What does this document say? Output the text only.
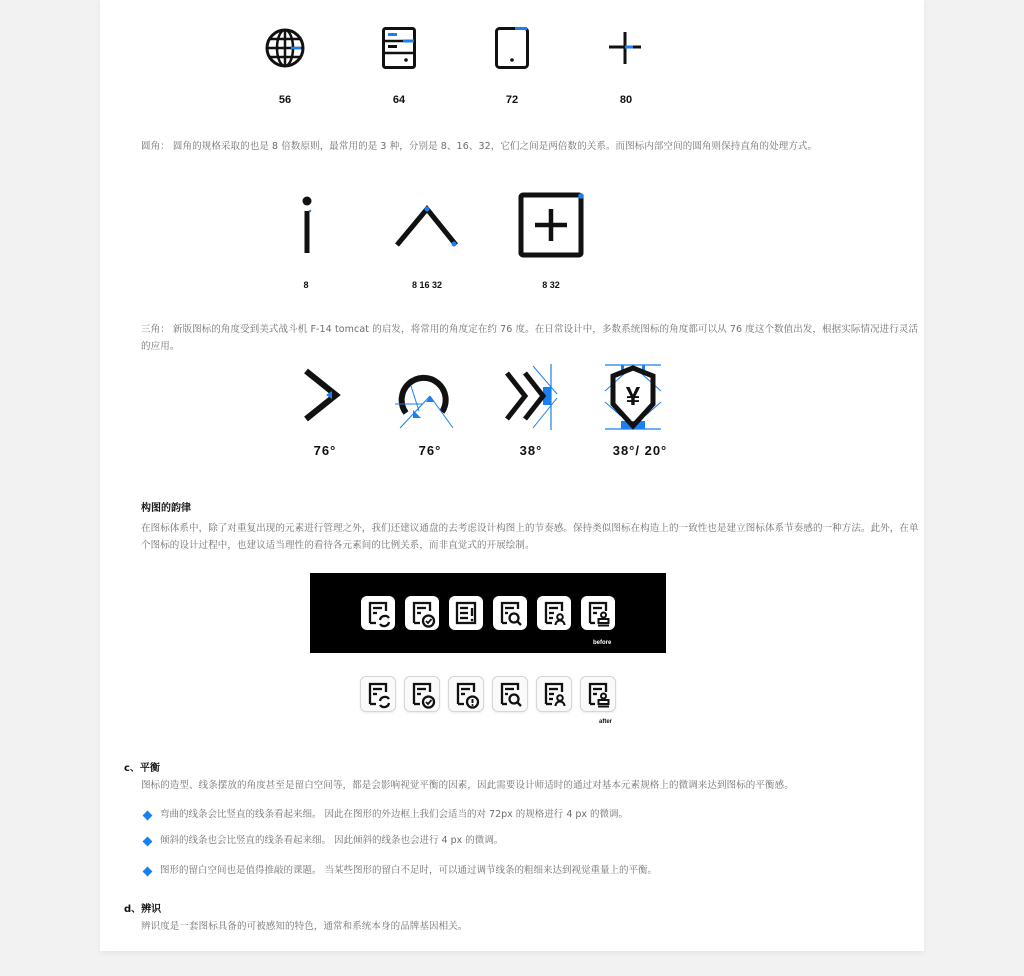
56	64	72	80
圆角： 圆角的规格采取的也是 8 倍数原则，最常用的是 3 种，分别是 8、16、32，它们之间是两倍数的关系。而图标内部空间的圆角则保持直角的处理方式。
三角： 新版图标的角度受到美式战斗机 F-14 tomcat 的启发，将常用的角度定在约 76 度。在日常设计中，多数系统图标的角度都可以从 76 度这个数值出发，根据实际情况进行灵活的应用。
¥
76°	76°	38°	38°/ 20°
构图的韵律
在图标体系中，除了对重复出现的元素进行管理之外，我们还建议通盘的去考虑设计构图上的节奏感。保持类似图标在构造上的一致性也是建立图标体系节奏感的一种方法。此外，在单个图标的设计过程中，也建议适当理性的看待各元素间的比例关系，而非直觉式的开展绘制。
before
after
c、平衡
图标的造型、线条摆放的角度甚至是留白空间等，都是会影响视觉平衡的因素，因此需要设计师适时的通过对基本元素规格上的微调来达到图标的平衡感。
弯曲的线条会比竖直的线条看起来细。 因此在图形的外边框上我们会适当的对 72px 的规格进行 4 px 的微调。
倾斜的线条也会比竖直的线条看起来细。 因此倾斜的线条也会进行 4 px 的微调。
图形的留白空间也是值得推敲的课题。 当某些图形的留白不足时，可以通过调节线条的粗细来达到视觉重量上的平衡。
d、辨识
辨识度是一套图标具备的可被感知的特色，通常和系统本身的品牌基因相关。
